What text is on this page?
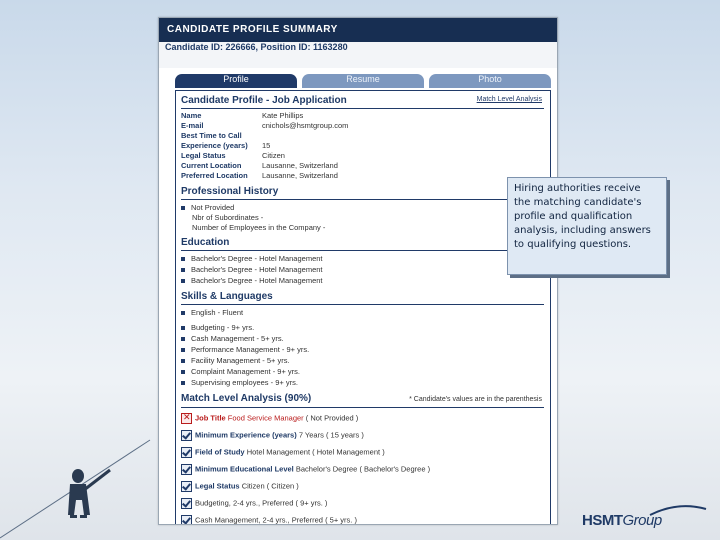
CANDIDATE PROFILE SUMMARY
Candidate ID: 226666, Position ID: 1163280
Profile	Resume	Photo
Candidate Profile - Job Application	Match Level Analysis
Name	Kate Phillips
E-mail	cnichols@hsmtgroup.com
Best Time to Call
Experience (years) 15
Legal Status	Citizen
Current Location	Lausanne, Switzerland
Preferred Location Lausanne, Switzerland
Professional History
Not Provided
Nbr of Subordinates -
Number of Employees in the Company -
Education
Bachelor's Degree - Hotel Management
Bachelor's Degree - Hotel Management
Bachelor's Degree - Hotel Management
Skills & Languages
English - Fluent
Budgeting - 9+ yrs.
Cash Management - 5+ yrs.
Performance Management - 9+ yrs.
Facility Management - 5+ yrs.
Complaint Management - 9+ yrs.
Supervising employees - 9+ yrs.
Match Level Analysis (90%)	* Candidate's values are in the parenthesis
✕Job Title Food Service Manager ( Not Provided )
Minimum Experience (years) 7 Years ( 15 years )
Field of Study Hotel Management ( Hotel Management )
Minimum Educational Level Bachelor's Degree ( Bachelor's Degree )
Legal Status Citizen ( Citizen )
Budgeting, 2-4 yrs., Preferred ( 9+ yrs. )
Cash Management, 2-4 yrs., Preferred ( 5+ yrs. )
Hiring authorities receive the matching candidate's profile and qualification analysis, including answers to qualifying questions.
HSMTGroup
